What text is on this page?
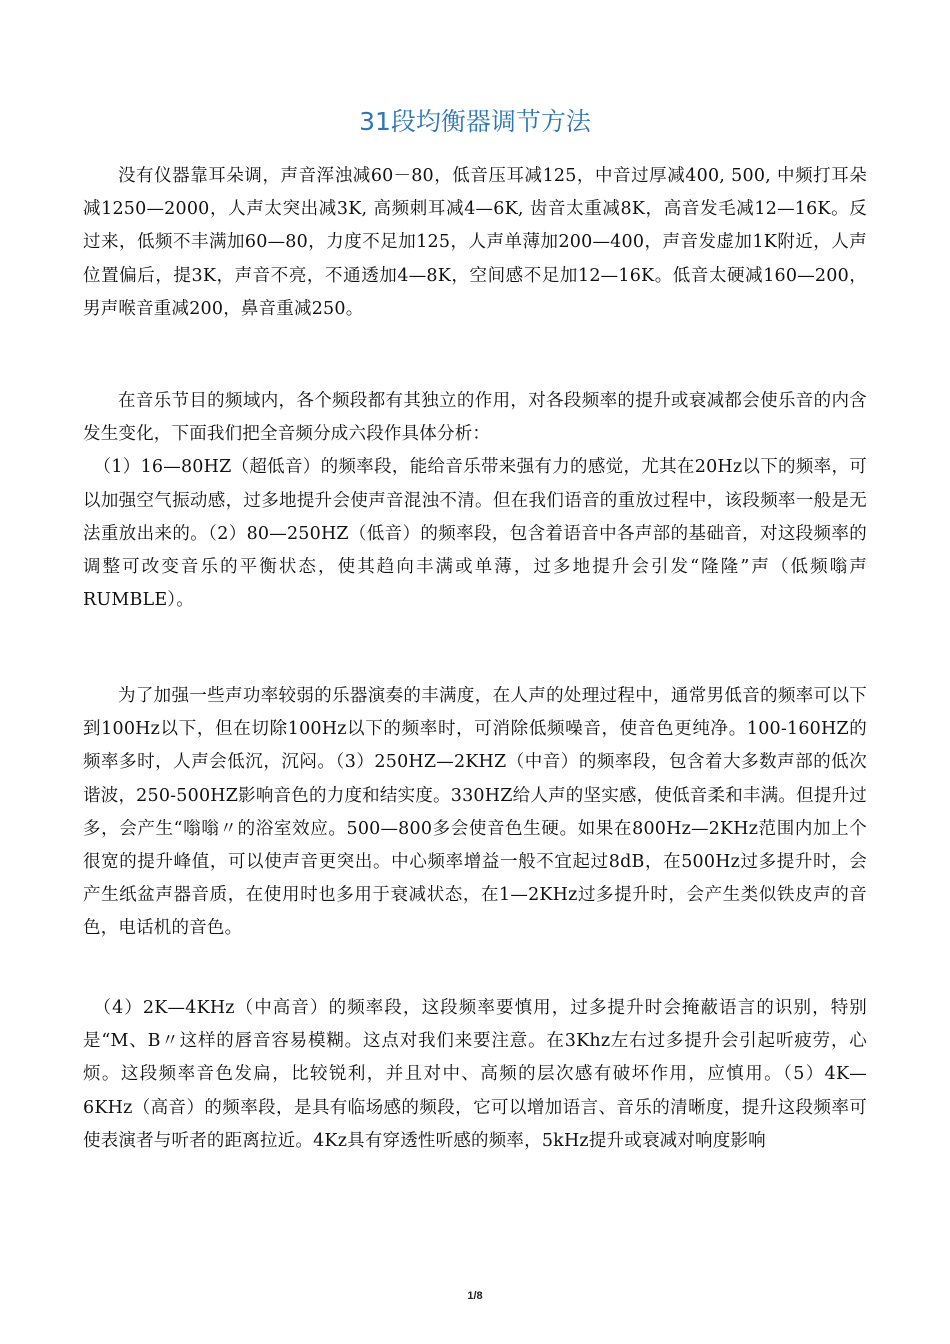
31段均衡器调节方法

没有仪器靠耳朵调，声音浑浊减60－80，低音压耳减125，中音过厚减400, 500, 中频打耳朵减1250—2000，人声太突出减3K, 高频刺耳减4—6K, 齿音太重减8K，高音发毛减12—16K。反过来，低频不丰满加60—80，力度不足加125，人声单薄加200—400，声音发虚加1K附近，人声位置偏后，提3K，声音不亮，不通透加4—8K，空间感不足加12—16K。低音太硬减160—200，男声喉音重减200，鼻音重减250。

在音乐节目的频域内，各个频段都有其独立的作用，对各段频率的提升或衰减都会使乐音的内含发生变化，下面我们把全音频分成六段作具体分析：

（1）16—80HZ（超低音）的频率段，能给音乐带来强有力的感觉，尤其在20Hz以下的频率，可以加强空气振动感，过多地提升会使声音混浊不清。但在我们语音的重放过程中，该段频率一般是无法重放出来的。（2）80—250HZ（低音）的频率段，包含着语音中各声部的基础音，对这段频率的调整可改变音乐的平衡状态，使其趋向丰满或单薄，过多地提升会引发“隆隆”声（低频嗡声RUMBLE）。

为了加强一些声功率较弱的乐器演奏的丰满度，在人声的处理过程中，通常男低音的频率可以下到100Hz以下，但在切除100Hz以下的频率时，可消除低频噪音，使音色更纯净。100-160HZ的频率多时，人声会低沉，沉闷。（3）250HZ—2KHZ（中音）的频率段，包含着大多数声部的低次谐波，250-500HZ影响音色的力度和结实度。330HZ给人声的坚实感，使低音柔和丰满。但提升过多，会产生“嗡嗡〃的浴室效应。500—800多会使音色生硬。如果在800Hz—2KHz范围内加上个很宽的提升峰值，可以使声音更突出。中心频率增益一般不宜起过8dB，在500Hz过多提升时，会产生纸盆声器音质，在使用时也多用于衰减状态，在1—2KHz过多提升时，会产生类似铁皮声的音色，电话机的音色。

（4）2K—4KHz（中高音）的频率段，这段频率要慎用，过多提升时会掩蔽语言的识别，特别是“M、B〃这样的唇音容易模糊。这点对我们来要注意。在3Khz左右过多提升会引起听疲劳，心烦。这段频率音色发扁，比较锐利，并且对中、高频的层次感有破坏作用，应慎用。（5）4K—6KHz（高音）的频率段，是具有临场感的频段，它可以增加语言、音乐的清晰度，提升这段频率可使表演者与听者的距离拉近。4Kz具有穿透性听感的频率，5kHz提升或衰减对响度影响

1/8
